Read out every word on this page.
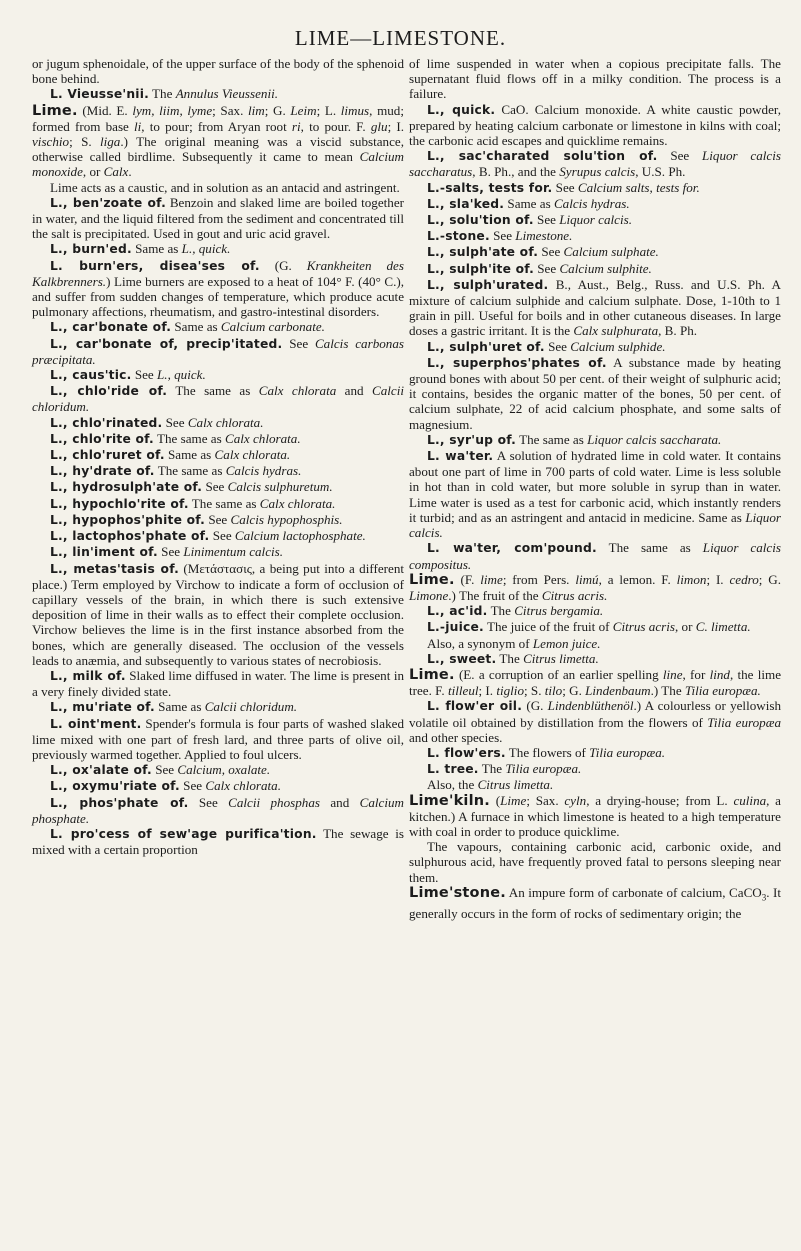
LIME—LIMESTONE.

or jugum sphenoidale, of the upper surface of the body of the sphenoid bone behind.

L. Vieusse'nii. The Annulus Vieussenii.

Lime. (Mid. E. lym, liim, lyme; Sax. lim; G. Leim; L. limus, mud; formed from base li, to pour; from Aryan root ri, to pour. F. glu; I. vischio; S. liga.) The original meaning was a viscid substance, otherwise called birdlime. Subsequently it came to mean Calcium monoxide, or Calx.

Lime acts as a caustic, and in solution as an antacid and astringent.

L., ben'zoate of. Benzoin and slaked lime are boiled together in water, and the liquid filtered from the sediment and concentrated till the salt is precipitated. Used in gout and uric acid gravel.

L., burn'ed. Same as L., quick.

L. burn'ers, disea'ses of. (G. Krankheiten des Kalkbrenners.) Lime burners are exposed to a heat of 104° F. (40° C.), and suffer from sudden changes of temperature, which produce acute pulmonary affections, rheumatism, and gastro-intestinal disorders.

L., car'bonate of. Same as Calcium carbonate.

L., car'bonate of, precip'itated. See Calcis carbonas præcipitata.

L., caus'tic. See L., quick.

L., chlo'ride of. The same as Calx chlorata and Calcii chloridum.

L., chlo'rinated. See Calx chlorata.

L., chlo'rite of. The same as Calx chlorata.

L., chlo'ruret of. Same as Calx chlorata.

L., hy'drate of. The same as Calcis hydras.

L., hydrosulph'ate of. See Calcis sulphuretum.

L., hypochlo'rite of. The same as Calx chlorata.

L., hypophos'phite of. See Calcis hypophosphis.

L., lactophos'phate of. See Calcium lactophosphate.

L., lin'iment of. See Linimentum calcis.

L., metas'tasis of. (Μετάστασις, a being put into a different place.) Term employed by Virchow to indicate a form of occlusion of capillary vessels of the brain, in which there is such extensive deposition of lime in their walls as to effect their complete occlusion. Virchow believes the lime is in the first instance absorbed from the bones, which are generally diseased. The occlusion of the vessels leads to anæmia, and subsequently to various states of necrobiosis.

L., milk of. Slaked lime diffused in water. The lime is present in a very finely divided state.

L., mu'riate of. Same as Calcii chloridum.

L. oint'ment. Spender's formula is four parts of washed slaked lime mixed with one part of fresh lard, and three parts of olive oil, previously warmed together. Applied to foul ulcers.

L., ox'alate of. See Calcium, oxalate.

L., oxymu'riate of. See Calx chlorata.

L., phos'phate of. See Calcii phosphas and Calcium phosphate.

L. pro'cess of sew'age purifica'tion. The sewage is mixed with a certain proportion

of lime suspended in water when a copious precipitate falls. The supernatant fluid flows off in a milky condition. The process is a failure.

L., quick. CaO. Calcium monoxide. A white caustic powder, prepared by heating calcium carbonate or limestone in kilns with coal; the carbonic acid escapes and quicklime remains.

L., sac'charated solu'tion of. See Liquor calcis saccharatus, B. Ph., and the Syrupus calcis, U.S. Ph.

L.-salts, tests for. See Calcium salts, tests for.

L., sla'ked. Same as Calcis hydras.

L., solu'tion of. See Liquor calcis.

L.-stone. See Limestone.

L., sulph'ate of. See Calcium sulphate.

L., sulph'ite of. See Calcium sulphite.

L., sulph'urated. B., Aust., Belg., Russ. and U.S. Ph. A mixture of calcium sulphide and calcium sulphate. Dose, 1-10th to 1 grain in pill. Useful for boils and in other cutaneous diseases. In large doses a gastric irritant. It is the Calx sulphurata, B. Ph.

L., sulph'uret of. See Calcium sulphide.

L., superphos'phates of. A substance made by heating ground bones with about 50 per cent. of their weight of sulphuric acid; it contains, besides the organic matter of the bones, 50 per cent. of calcium sulphate, 22 of acid calcium phosphate, and some salts of magnesium.

L., syr'up of. The same as Liquor calcis saccharata.

L. wa'ter. A solution of hydrated lime in cold water. It contains about one part of lime in 700 parts of cold water. Lime is less soluble in hot than in cold water, but more soluble in syrup than in water. Lime water is used as a test for carbonic acid, which instantly renders it turbid; and as an astringent and antacid in medicine. Same as Liquor calcis.

L. wa'ter, com'pound. The same as Liquor calcis compositus.

Lime. (F. lime; from Pers. limú, a lemon. F. limon; I. cedro; G. Limone.) The fruit of the Citrus acris.

L., ac'id. The Citrus bergamia.

L.-juice. The juice of the fruit of Citrus acris, or C. limetta.

Also, a synonym of Lemon juice.

L., sweet. The Citrus limetta.

Lime. (E. a corruption of an earlier spelling line, for lind, the lime tree. F. tilleul; I. tiglio; S. tilo; G. Lindenbaum.) The Tilia europæa.

L. flow'er oil. (G. Lindenblüthenöl.) A colourless or yellowish volatile oil obtained by distillation from the flowers of Tilia europæa and other species.

L. flow'ers. The flowers of Tilia europæa.

L. tree. The Tilia europæa.

Also, the Citrus limetta.

Lime'kiln. (Lime; Sax. cyln, a drying-house; from L. culina, a kitchen.) A furnace in which limestone is heated to a high temperature with coal in order to produce quicklime.

The vapours, containing carbonic acid, carbonic oxide, and sulphurous acid, have frequently proved fatal to persons sleeping near them.

Lime'stone. An impure form of carbonate of calcium, CaCO$_3$. It generally occurs in the form of rocks of sedimentary origin; the
